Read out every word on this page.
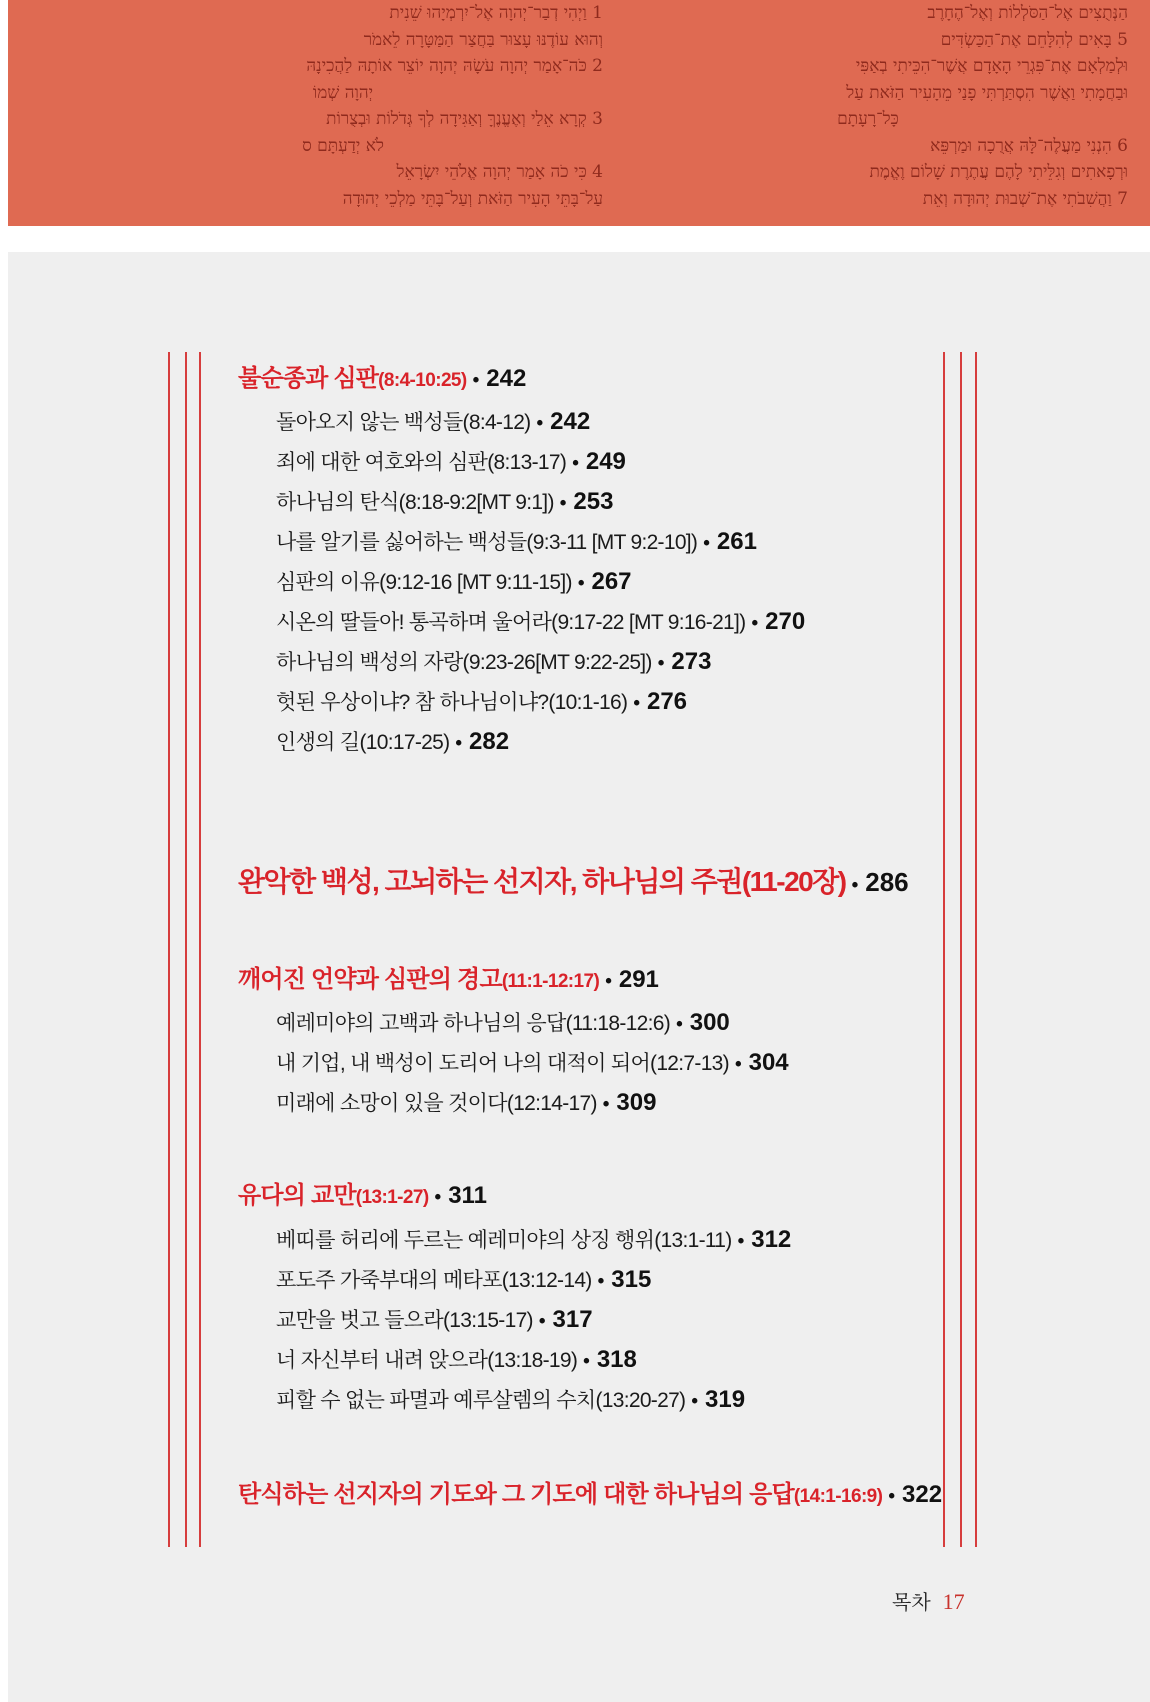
1 וַיְהִי דְבַר־יְהוָה אֶל־יִרְמְיָהוּ שֵׁנִית
וְהוּא עוֹדֶנּוּ עָצוּר בַּחֲצַר הַמַּטָּרָה לֵאמֹר
2 כֹּה־אָמַר יְהוָה עֹשָׂהּ יְהוָה יוֹצֵר אוֹתָהּ לַהֲכִינָהּ
יְהוָה שְׁמוֹ
3 קְרָא אֵלַי וְאֶעֱנֶךָּ וְאַגִּידָה לְךָ גְּדֹלוֹת וּבְצֻרוֹת
לֹא יְדַעְתָּם ס
4 כִּי כֹה אָמַר יְהוָה אֱלֹהֵי יִשְׂרָאֵל
עַל־בָּתֵּי הָעִיר הַזֹּאת וְעַל־בָּתֵּי מַלְכֵי יְהוּדָה
הַנְּתֻצִים אֶל־הַסֹּלְלוֹת וְאֶל־הֶחָרֶב
5 בָּאִים לְהִלָּחֵם אֶת־הַכַּשְׂדִּים
וּלְמַלְאָם אֶת־פִּגְרֵי הָאָדָם אֲשֶׁר־הִכֵּיתִי בְאַפִּי
וּבַחֲמָתִי וַאֲשֶׁר הִסְתַּרְתִּי פָנַי מֵהָעִיר הַזֹּאת עַל
כָּל־רָעָתָם
6 הִנְנִי מַעֲלֶה־לָּהּ אֲרֻכָה וּמַרְפֵּא
וּרְפָאתִים וְגִלֵּיתִי לָהֶם עֲתֶרֶת שָׁלוֹם וֶאֱמֶת
7 וַהֲשִׁבֹתִי אֶת־שְׁבוּת יְהוּדָה וְאֵת
불순종과 심판(8:4-10:25) • 242
돌아오지 않는 백성들(8:4-12) • 242
죄에 대한 여호와의 심판(8:13-17) • 249
하나님의 탄식(8:18-9:2[MT 9:1]) • 253
나를 알기를 싫어하는 백성들(9:3-11 [MT 9:2-10]) • 261
심판의 이유(9:12-16 [MT 9:11-15]) • 267
시온의 딸들아! 통곡하며 울어라(9:17-22 [MT 9:16-21]) • 270
하나님의 백성의 자랑(9:23-26[MT 9:22-25]) • 273
헛된 우상이냐? 참 하나님이냐?(10:1-16) • 276
인생의 길(10:17-25) • 282
완악한 백성, 고뇌하는 선지자, 하나님의 주권(11-20장) • 286
깨어진 언약과 심판의 경고(11:1-12:17) • 291
예레미야의 고백과 하나님의 응답(11:18-12:6) • 300
내 기업, 내 백성이 도리어 나의 대적이 되어(12:7-13) • 304
미래에 소망이 있을 것이다(12:14-17) • 309
유다의 교만(13:1-27) • 311
베띠를 허리에 두르는 예레미야의 상징 행위(13:1-11) • 312
포도주 가죽부대의 메타포(13:12-14) • 315
교만을 벗고 들으라(13:15-17) • 317
너 자신부터 내려 앉으라(13:18-19) • 318
피할 수 없는 파멸과 예루살렘의 수치(13:20-27) • 319
탄식하는 선지자의 기도와 그 기도에 대한 하나님의 응답(14:1-16:9) • 322
목차 17
